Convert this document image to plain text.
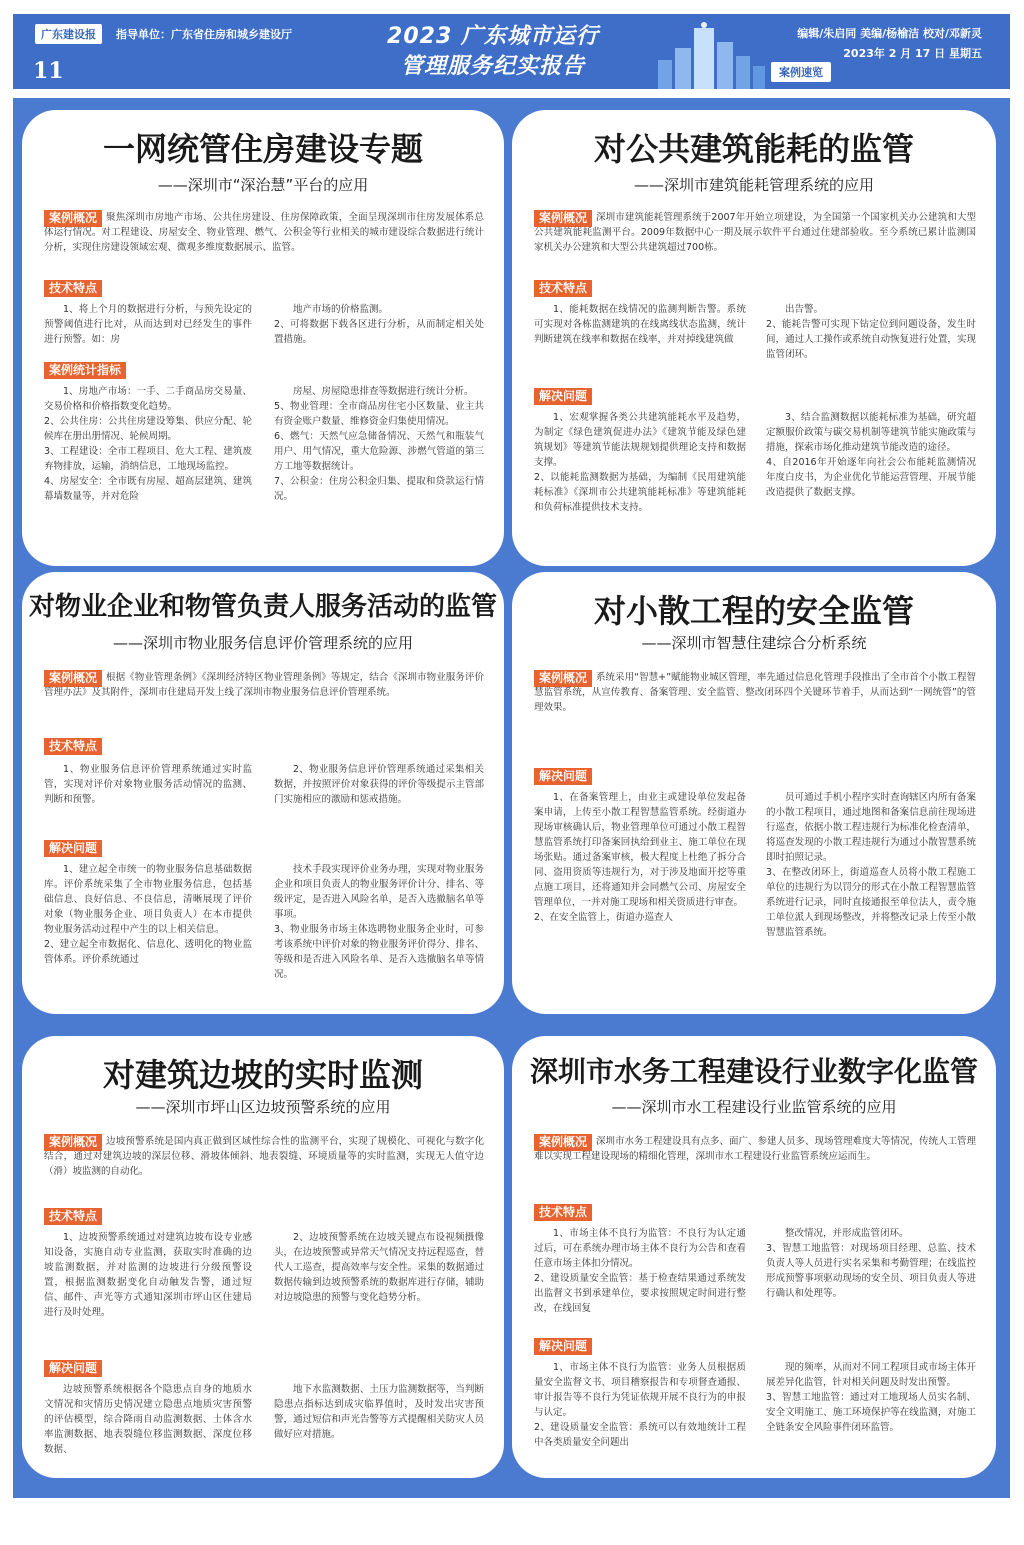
广东建设报	指导单位：广东省住房和城乡建设厅
11
2023 广东城市运行
管理服务纪实报告
编辑/朱启同 美编/杨榆洁 校对/邓新灵
2023年 2 月 17 日 星期五
案例速览
一网统管住房建设专题
——深圳市“深治慧”平台的应用
案例概况 聚焦深圳市房地产市场、公共住房建设、住房保障政策，全面呈现深圳市住房发展体系总体运行情况。对工程建设、房屋安全、物业管理、燃气、公积金等行业相关的城市建设综合数据进行统计分析，实现住房建设领域宏观、微观多维度数据展示、监管。
技术特点
1、将上个月的数据进行分析，与预先设定的预警阈值进行比对，从而达到对已经发生的事件进行预警。如：房
地产市场的价格监测。
2、可将数据下载各区进行分析，从而制定相关处置措施。
案例统计指标
1、房地产市场：一手、二手商品房交易量、交易价格和价格指数变化趋势。
2、公共住房：公共住房建设筹集、供应分配、轮候库在册出册情况、轮候周期。
3、工程建设：全市工程项目、危大工程、建筑废弃物排放，运输，消纳信息，工地现场监控。
4、房屋安全：全市既有房屋、超高层建筑、建筑幕墙数量等，并对危险
房屋、房屋隐患排查等数据进行统计分析。
5、物业管理：全市商品房住宅小区数量、业主共有资金账户数量、维修资金归集使用情况。
6、燃气：天然气应急储备情况、天然气和瓶装气用户、用气情况，重大危险源、涉燃气管道的第三方工地等数据统计。
7、公积金：住房公积金归集、提取和贷款运行情况。
对公共建筑能耗的监管
——深圳市建筑能耗管理系统的应用
案例概况 深圳市建筑能耗管理系统于2007年开始立项建设，为全国第一个国家机关办公建筑和大型公共建筑能耗监测平台。2009年数据中心一期及展示软件平台通过住建部验收。至今系统已累计监测国家机关办公建筑和大型公共建筑超过700栋。
技术特点
1、能耗数据在线情况的监测判断告警。系统可实现对各栋监测建筑的在线离线状态监测，统计判断建筑在线率和数据在线率，并对掉线建筑做
出告警。
2、能耗告警可实现下钻定位到问题设备，发生时间，通过人工操作或系统自动恢复进行处置，实现监管闭环。
解决问题
1、宏观掌握各类公共建筑能耗水平及趋势，为制定《绿色建筑促进办法》《建筑节能及绿色建筑规划》等建筑节能法规规划提供理论支持和数据支撑。
2、以能耗监测数据为基础，为编制《民用建筑能耗标准》《深圳市公共建筑能耗标准》等建筑能耗和负荷标准提供技术支持。
3、结合监测数据以能耗标准为基础，研究超定额服价政策与碳交易机制等建筑节能实施政策与措施，探索市场化推动建筑节能改造的途径。
4、自2016年开始逐年向社会公布能耗监测情况年度白皮书，为企业优化节能运营管理、开展节能改造提供了数据支撑。
对物业企业和物管负责人服务活动的监管
——深圳市物业服务信息评价管理系统的应用
案例概况 根据《物业管理条例》《深圳经济特区物业管理条例》等规定，结合《深圳市物业服务评价管理办法》及其附件，深圳市住建局开发上线了深圳市物业服务信息评价管理系统。
技术特点
1、物业服务信息评价管理系统通过实时监管，实现对评价对象物业服务活动情况的监测、判断和预警。
2、物业服务信息评价管理系统通过采集相关数据，并按照评价对象获得的评价等级提示主管部门实施相应的激励和惩戒措施。
解决问题
1、建立起全市统一的物业服务信息基础数据库。评价系统采集了全市物业服务信息，包括基础信息、良好信息、不良信息，清晰展现了评价对象（物业服务企业、项目负责人）在本市提供物业服务活动过程中产生的以上相关信息。
2、建立起全市数据化、信息化、透明化的物业监管体系。评价系统通过
技术手段实现评价业务办理，实现对物业服务企业和项目负责人的物业服务评价计分、排名、等级评定，是否进入风险名单，是否入选撤脑名单等事项。
3、物业服务市场主体选聘物业服务企业时，可参考该系统中评价对象的物业服务评价得分、排名、等级和是否进入风险名单、是否入选撤脑名单等情况。
对小散工程的安全监管
——深圳市智慧住建综合分析系统
案例概况 系统采用“智慧+”赋能物业城区管理，率先通过信息化管理手段推出了全市首个小散工程智慧监管系统，从宣传教育、备案管理、安全监管、整改闭环四个关键环节着手，从而达到“一网统管”的管理效果。
解决问题
1、在备案管理上，由业主或建设单位发起备案申请，上传至小散工程智慧监管系统。经街道办现场审核确认后，物业管理单位可通过小散工程智慧监管系统打印备案回执给到业主、施工单位在现场张贴。通过备案审核，极大程度上杜绝了拆分合同、盗用资质等违规行为，对于涉及地面开挖等重点施工项目，还将通知并会同燃气公司、房屋安全管理单位，一并对施工现场和相关资质进行审查。
2、在安全监管上，街道办巡查人
员可通过手机小程序实时查询辖区内所有备案的小散工程项目，通过地图和备案信息前往现场进行巡查，依据小散工程违规行为标准化检查清单，将巡查发现的小散工程违规行为通过小散智慧系统即时拍照记录。
3、在整改闭环上，街道巡查人员将小散工程施工单位的违规行为以罚分的形式在小散工程智慧监管系统进行记录，同时直接通报至单位法人，责令施工单位派人到现场整改，并将整改记录上传至小散智慧监管系统。
对建筑边坡的实时监测
——深圳市坪山区边坡预警系统的应用
案例概况 边坡预警系统是国内真正做到区域性综合性的监测平台，实现了规模化、可视化与数字化结合，通过对建筑边坡的深层位移、滑坡体倾斜、地表裂缝、环境质量等的实时监测，实现无人值守边（滑）坡监测的自动化。
技术特点
1、边坡预警系统通过对建筑边坡布设专业感知设备，实施自动专业监测，获取实时准确的边坡监测数据，并对监测的边坡进行分级预警设置，根据监测数据变化自动触发告警，通过短信、邮件、声光等方式通知深圳市坪山区住建局进行及时处理。
2、边坡预警系统在边坡关键点布设视频摄像头，在边坡预警或异常天气情况支持远程巡查，替代人工巡查，提高效率与安全性。采集的数据通过数据传输到边坡预警系统的数据库进行存储，辅助对边坡隐患的预警与变化趋势分析。
解决问题
边坡预警系统根据各个隐患点自身的地质水文情况和灾情历史情况建立隐患点地质灾害预警的评估模型，综合降雨自动监测数据、土体含水率监测数据、地表裂缝位移监测数据、深度位移数据、
地下水监测数据、土压力监测数据等，当判断隐患点指标达到成灾临界值时，及时发出灾害预警，通过短信和声光告警等方式提醒相关防灾人员做好应对措施。
深圳市水务工程建设行业数字化监管
——深圳市水工程建设行业监管系统的应用
案例概况 深圳市水务工程建设具有点多、面广、参建人员多、现场管理难度大等情况，传统人工管理难以实现工程建设现场的精细化管理，深圳市水工程建设行业监管系统应运而生。
技术特点
1、市场主体不良行为监管：不良行为认定通过后，可在系统办理市场主体不良行为公告和查看任意市场主体扣分情况。
2、建设质量安全监管：基于检查结果通过系统发出监督文书到承建单位，要求按照规定时间进行整改，在线回复
整改情况，并形成监管闭环。
3、智慧工地监管：对现场项目经理、总监、技术负责人等人员进行实名采集和考勤管理；在线监控形成预警事项驱动现场的安全员、项目负责人等进行确认和处理等。
解决问题
1、市场主体不良行为监管：业务人员根据质量安全监督文书、项目稽察报告和专项督查通报、审计报告等不良行为凭证依规开展不良行为的申报与认定。
2、建设质量安全监管：系统可以有效地统计工程中各类质量安全问题出
现的频率，从而对不同工程项目或市场主体开展差异化监管，针对相关问题及时发出预警。
3、智慧工地监管：通过对工地现场人员实名制、安全文明施工、施工环境保护等在线监测，对施工全链条安全风险事件闭环监管。
